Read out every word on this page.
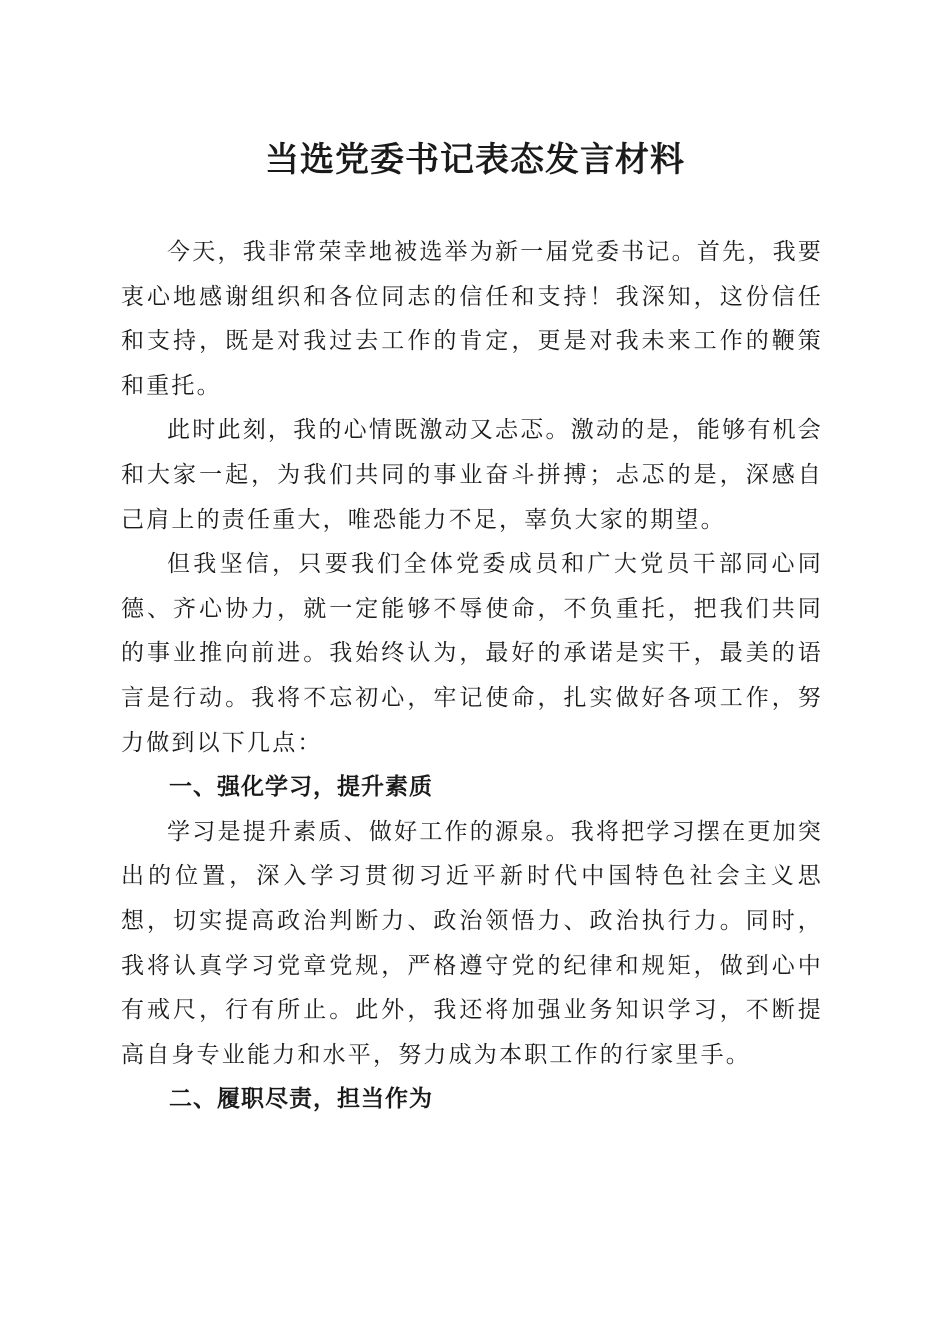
当选党委书记表态发言材料

今天，我非常荣幸地被选举为新一届党委书记。首先，我要衷心地感谢组织和各位同志的信任和支持！我深知，这份信任和支持，既是对我过去工作的肯定，更是对我未来工作的鞭策和重托。

此时此刻，我的心情既激动又忐忑。激动的是，能够有机会和大家一起，为我们共同的事业奋斗拼搏；忐忑的是，深感自己肩上的责任重大，唯恐能力不足，辜负大家的期望。

但我坚信，只要我们全体党委成员和广大党员干部同心同德、齐心协力，就一定能够不辱使命，不负重托，把我们共同的事业推向前进。我始终认为，最好的承诺是实干，最美的语言是行动。我将不忘初心，牢记使命，扎实做好各项工作，努力做到以下几点：

一、强化学习，提升素质

学习是提升素质、做好工作的源泉。我将把学习摆在更加突出的位置，深入学习贯彻习近平新时代中国特色社会主义思想，切实提高政治判断力、政治领悟力、政治执行力。同时，我将认真学习党章党规，严格遵守党的纪律和规矩，做到心中有戒尺，行有所止。此外，我还将加强业务知识学习，不断提高自身专业能力和水平，努力成为本职工作的行家里手。

二、履职尽责，担当作为
